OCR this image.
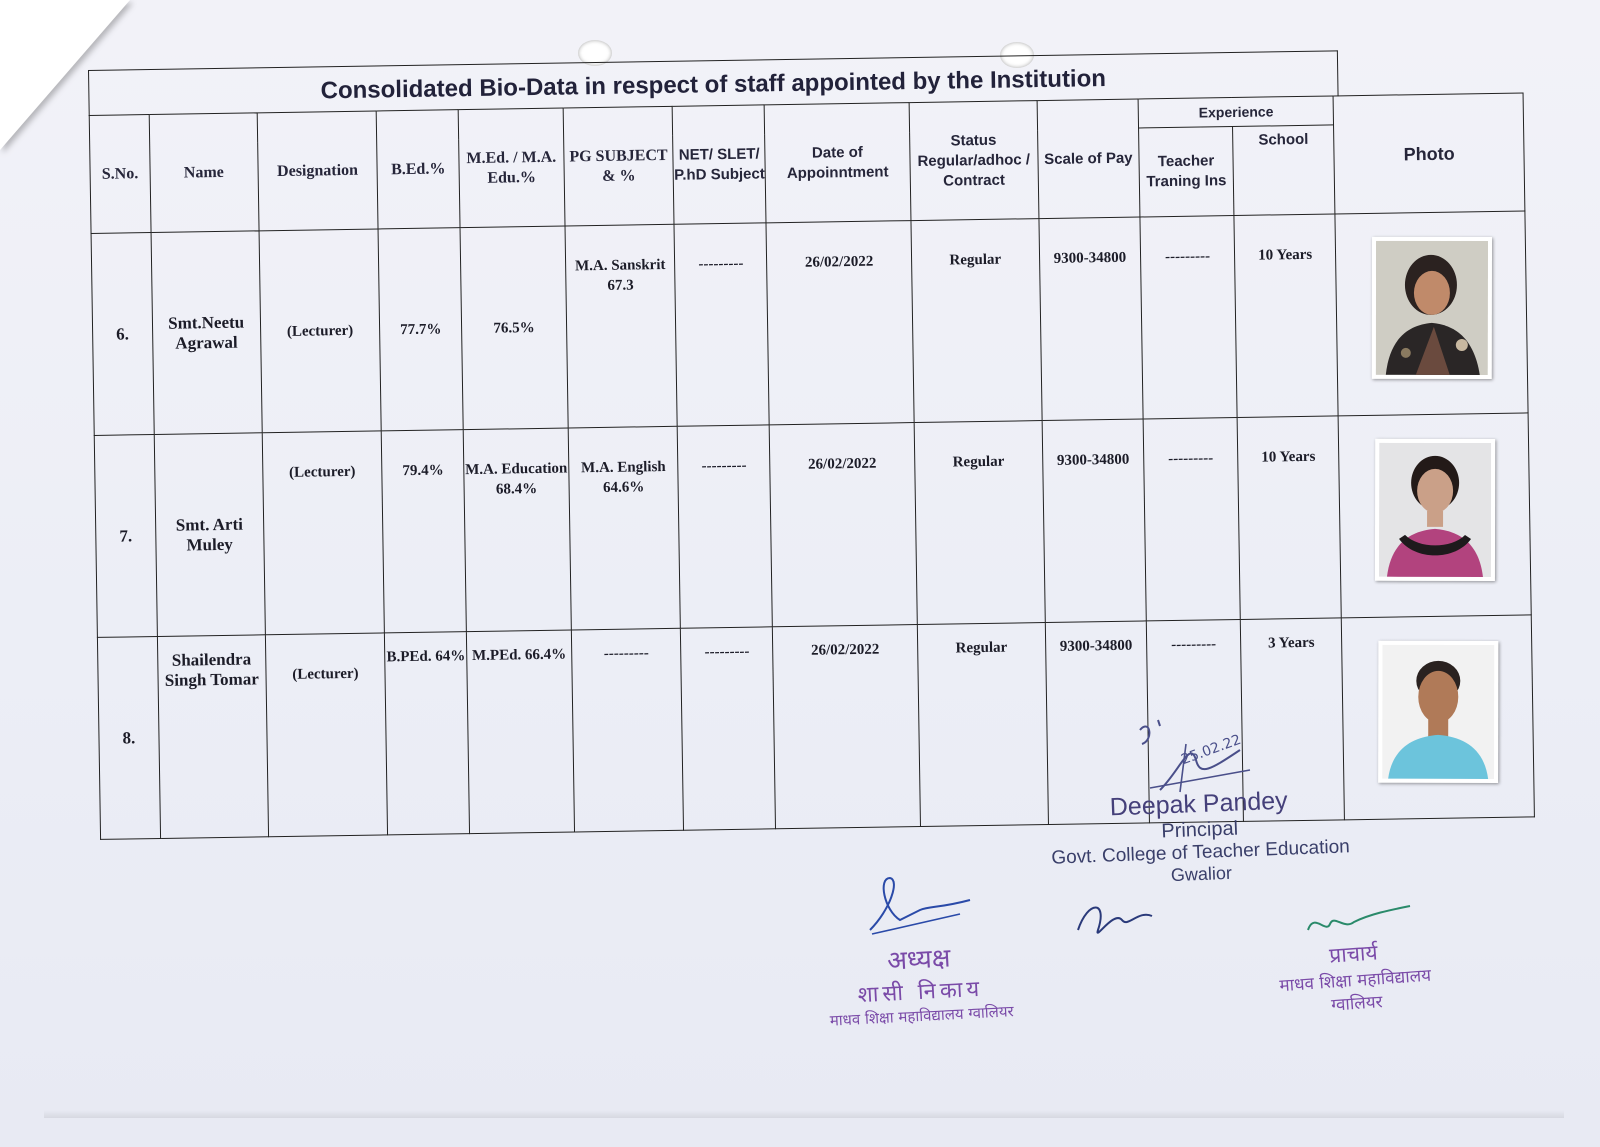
Consolidated Bio-Data in respect of staff appointed by the Institution
S.No.	Name	Designation	B.Ed.%	M.Ed. / M.A. Edu.%	PG SUBJECT & %	NET/ SLET/ P.hD Subject	Date of Appoinntment	Status Regular/adhoc / Contract	Scale of Pay	Experience		Photo
										Teacher Traning Ins	School	
6.	Smt.Neetu Agrawal	(Lecturer)	77.7%	76.5%	M.A. Sanskrit 67.3	---------	26/02/2022	Regular	9300-34800	---------	10 Years

7.	Smt. Arti Muley	(Lecturer)	79.4%	M.A. Education 68.4%	M.A. English 64.6%	---------	26/02/2022	Regular	9300-34800	---------	10 Years

8.	Shailendra Singh Tomar	(Lecturer)	B.PEd. 64%	M.PEd. 66.4%	---------	---------	26/02/2022	Regular	9300-34800	---------	3 Years

25.02.22
Deepak Pandey
Principal
Govt. College of Teacher Education
Gwalior
अध्यक्ष
शासी निकाय
माधव शिक्षा महाविद्यालय ग्वालियर
प्राचार्य
माधव शिक्षा महाविद्यालय
ग्वालियर
